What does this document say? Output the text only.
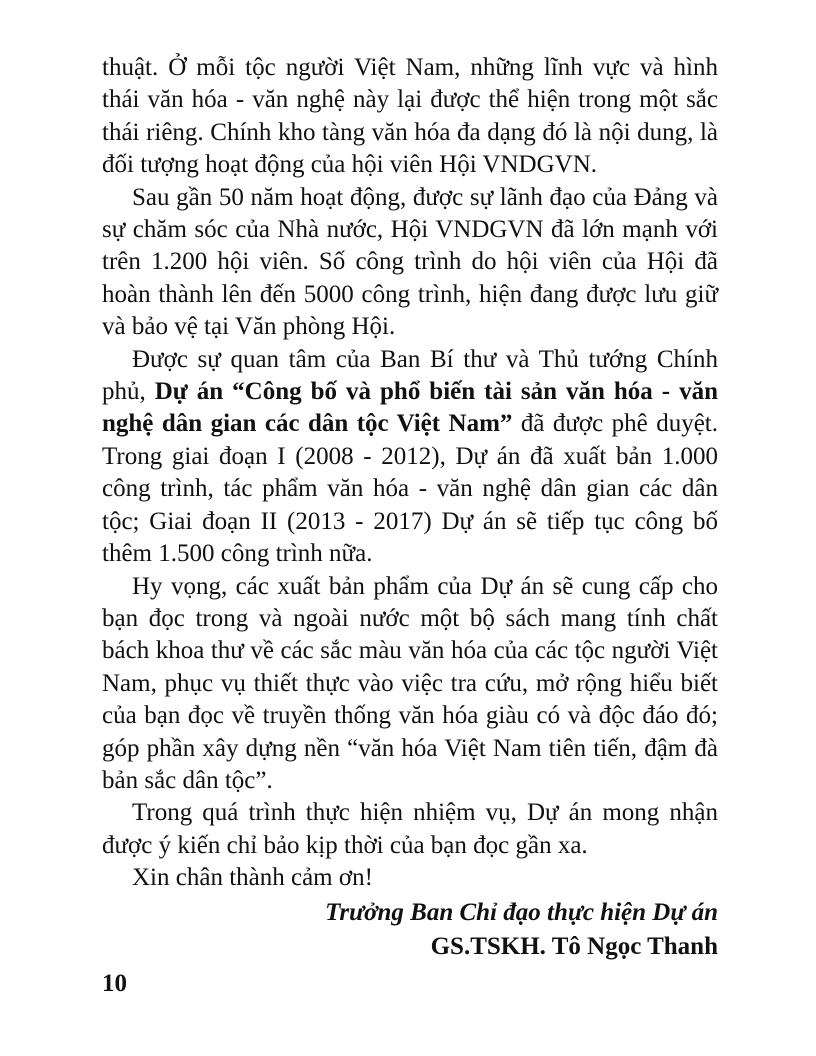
thuật. Ở mỗi tộc người Việt Nam, những lĩnh vực và hình thái văn hóa - văn nghệ này lại được thể hiện trong một sắc thái riêng. Chính kho tàng văn hóa đa dạng đó là nội dung, là đối tượng hoạt động của hội viên Hội VNDGVN.

Sau gần 50 năm hoạt động, được sự lãnh đạo của Đảng và sự chăm sóc của Nhà nước, Hội VNDGVN đã lớn mạnh với trên 1.200 hội viên. Số công trình do hội viên của Hội đã hoàn thành lên đến 5000 công trình, hiện đang được lưu giữ và bảo vệ tại Văn phòng Hội.

Được sự quan tâm của Ban Bí thư và Thủ tướng Chính phủ, Dự án “Công bố và phổ biến tài sản văn hóa - văn nghệ dân gian các dân tộc Việt Nam” đã được phê duyệt. Trong giai đoạn I (2008 - 2012), Dự án đã xuất bản 1.000 công trình, tác phẩm văn hóa - văn nghệ dân gian các dân tộc; Giai đoạn II (2013 - 2017) Dự án sẽ tiếp tục công bố thêm 1.500 công trình nữa.

Hy vọng, các xuất bản phẩm của Dự án sẽ cung cấp cho bạn đọc trong và ngoài nước một bộ sách mang tính chất bách khoa thư về các sắc màu văn hóa của các tộc người Việt Nam, phục vụ thiết thực vào việc tra cứu, mở rộng hiểu biết của bạn đọc về truyền thống văn hóa giàu có và độc đáo đó; góp phần xây dựng nền “văn hóa Việt Nam tiên tiến, đậm đà bản sắc dân tộc”.

Trong quá trình thực hiện nhiệm vụ, Dự án mong nhận được ý kiến chỉ bảo kịp thời của bạn đọc gần xa.

Xin chân thành cảm ơn!

Trưởng Ban Chỉ đạo thực hiện Dự án

GS.TSKH. Tô Ngọc Thanh

10
